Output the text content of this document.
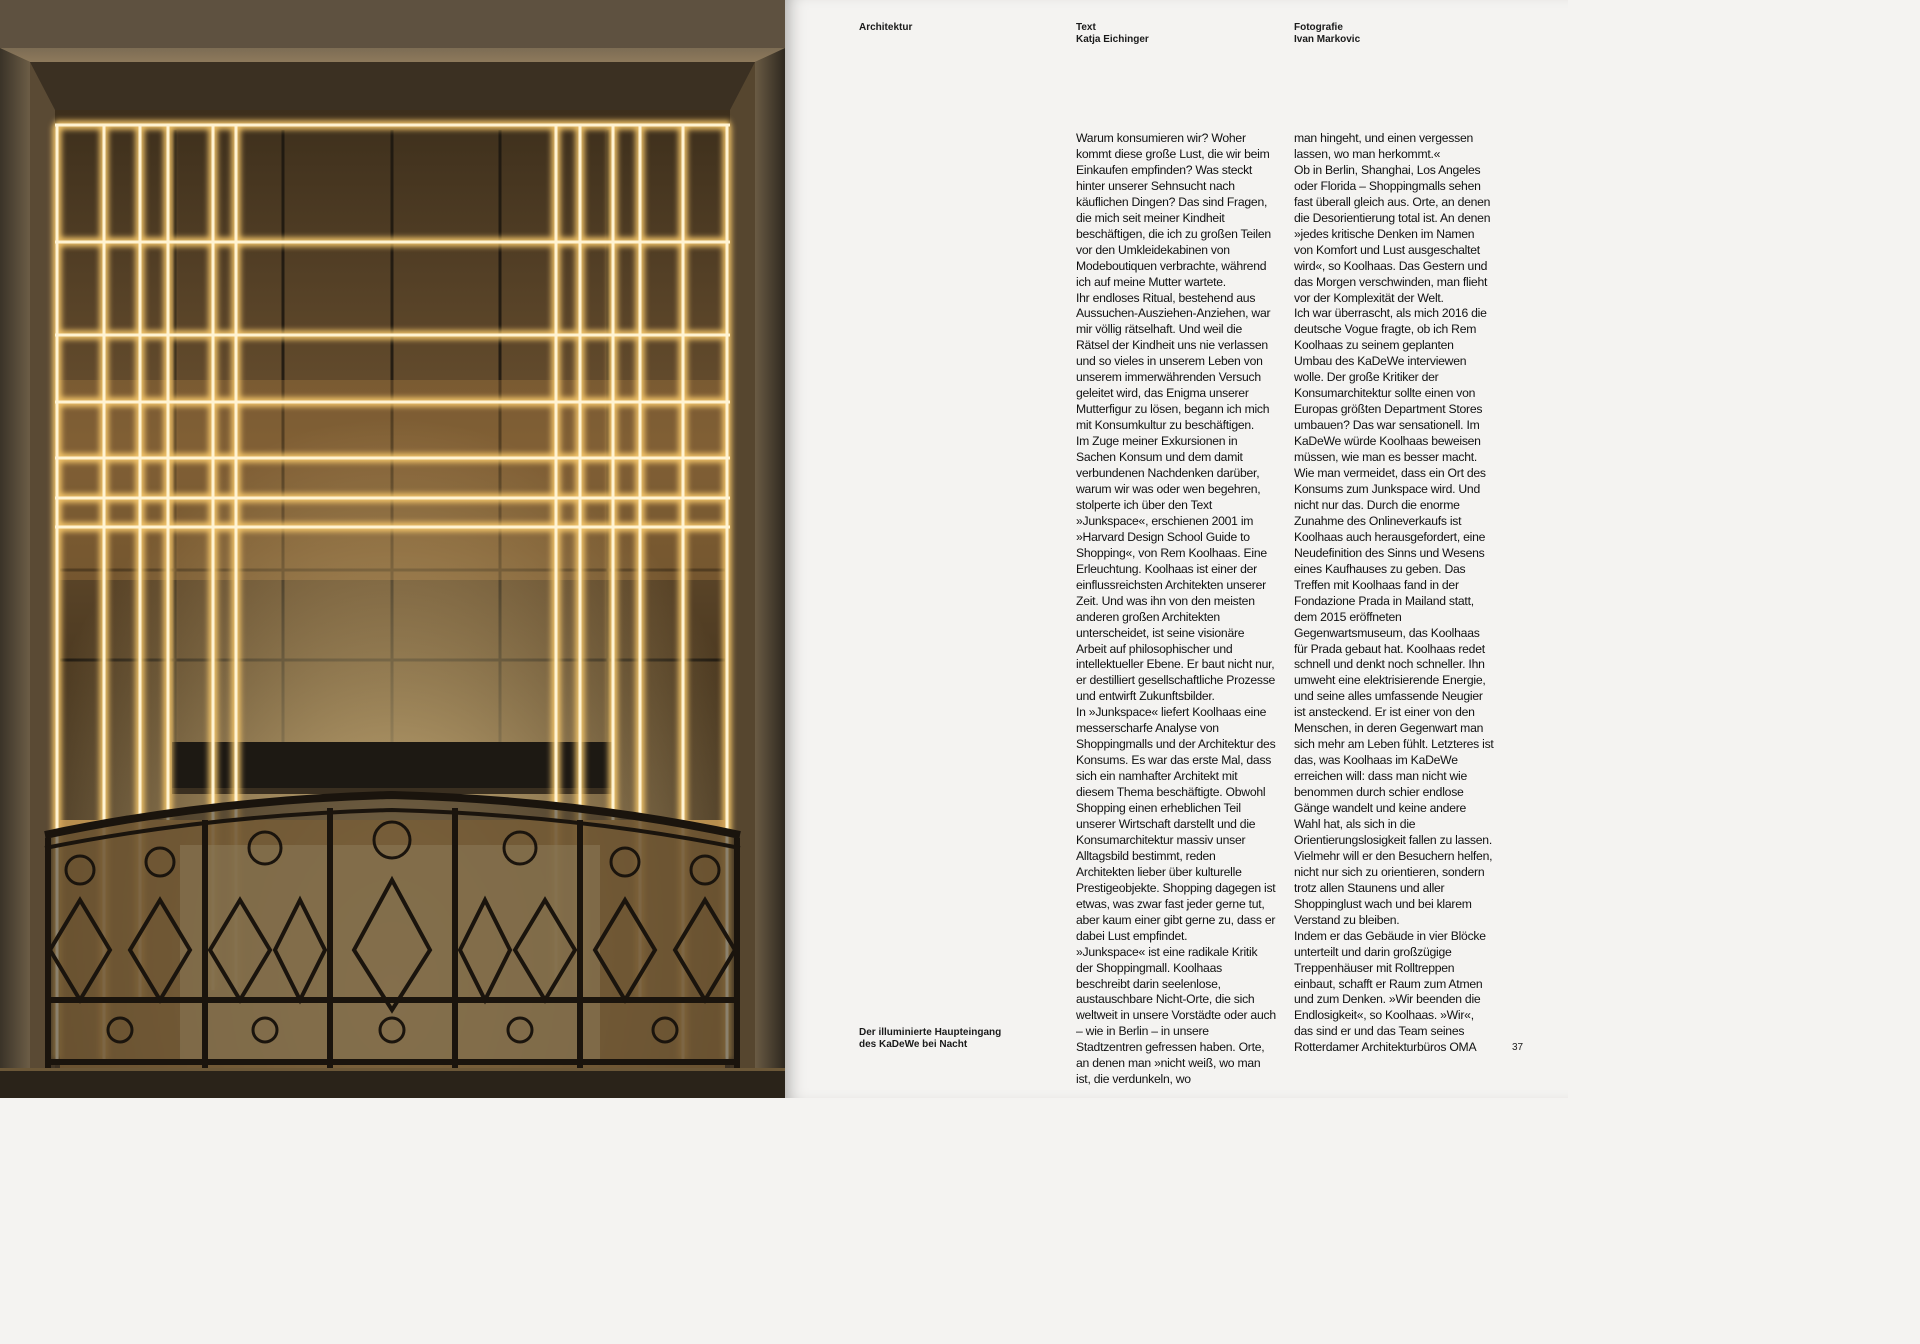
Architektur	Text
Katja Eichinger
Fotografie
Ivan Markovic

Warum konsumieren wir? Woher kommt diese große Lust, die wir beim Einkaufen empfinden? Was steckt hinter unserer Sehnsucht nach käuflichen Dingen? Das sind Fragen, die mich seit meiner Kindheit beschäftigen, die ich zu großen Teilen vor den Umkleidekabinen von Modeboutiquen verbrachte, während ich auf meine Mutter wartete.

Ihr endloses Ritual, bestehend aus Aussuchen-Ausziehen-Anziehen, war mir völlig rätselhaft. Und weil die Rätsel der Kindheit uns nie verlassen und so vieles in unserem Leben von unserem immerwährenden Versuch geleitet wird, das Enigma unserer Mutterfigur zu lösen, begann ich mich mit Konsumkultur zu beschäftigen.

Im Zuge meiner Exkursionen in Sachen Konsum und dem damit verbundenen Nachdenken darüber, warum wir was oder wen begehren, stolperte ich über den Text »Junkspace«, erschienen 2001 im »Harvard Design School Guide to Shopping«, von Rem Koolhaas. Eine Erleuchtung. Koolhaas ist einer der einflussreichsten Architekten unserer Zeit. Und was ihn von den meisten anderen großen Architekten unterscheidet, ist seine visionäre Arbeit auf philosophischer und intellektueller Ebene. Er baut nicht nur, er destilliert gesellschaftliche Prozesse und entwirft Zukunftsbilder.

In »Junkspace« liefert Koolhaas eine messerscharfe Analyse von Shoppingmalls und der Architektur des Konsums. Es war das erste Mal, dass sich ein namhafter Architekt mit diesem Thema beschäftigte. Obwohl Shopping einen erheblichen Teil unserer Wirtschaft darstellt und die Konsumarchitektur massiv unser Alltagsbild bestimmt, reden Architekten lieber über kulturelle Prestigeobjekte. Shopping dagegen ist etwas, was zwar fast jeder gerne tut, aber kaum einer gibt gerne zu, dass er dabei Lust empfindet.

»Junkspace« ist eine radikale Kritik der Shoppingmall. Koolhaas beschreibt darin seelenlose, austauschbare Nicht-Orte, die sich weltweit in unsere Vorstädte oder auch – wie in Berlin – in unsere Stadtzentren gefressen haben. Orte, an denen man »nicht weiß, wo man ist, die verdunkeln, wo

man hingeht, und einen vergessen lassen, wo man herkommt.«

Ob in Berlin, Shanghai, Los Angeles oder Florida – Shoppingmalls sehen fast überall gleich aus. Orte, an denen die Desorientierung total ist. An denen »jedes kritische Denken im Namen von Komfort und Lust ausgeschaltet wird«, so Koolhaas. Das Gestern und das Morgen verschwinden, man flieht vor der Komplexität der Welt.

Ich war überrascht, als mich 2016 die deutsche Vogue fragte, ob ich Rem Koolhaas zu seinem geplanten Umbau des KaDeWe interviewen wolle. Der große Kritiker der Konsumarchitektur sollte einen von Europas größten Department Stores umbauen? Das war sensationell. Im KaDeWe würde Koolhaas beweisen müssen, wie man es besser macht. Wie man vermeidet, dass ein Ort des Konsums zum Junkspace wird. Und nicht nur das. Durch die enorme Zunahme des Onlineverkaufs ist Koolhaas auch herausgefordert, eine Neudefinition des Sinns und Wesens eines Kaufhauses zu geben. Das Treffen mit Koolhaas fand in der Fondazione Prada in Mailand statt, dem 2015 eröffneten Gegenwartsmuseum, das Koolhaas für Prada gebaut hat. Koolhaas redet schnell und denkt noch schneller. Ihn umweht eine elektrisierende Energie, und seine alles umfassende Neugier ist ansteckend. Er ist einer von den Menschen, in deren Gegenwart man sich mehr am Leben fühlt. Letzteres ist das, was Koolhaas im KaDeWe erreichen will: dass man nicht wie benommen durch schier endlose Gänge wandelt und keine andere Wahl hat, als sich in die Orientierungslosigkeit fallen zu lassen. Vielmehr will er den Besuchern helfen, nicht nur sich zu orientieren, sondern trotz allen Staunens und aller Shoppinglust wach und bei klarem Verstand zu bleiben.

Indem er das Gebäude in vier Blöcke unterteilt und darin großzügige Treppenhäuser mit Rolltreppen einbaut, schafft er Raum zum Atmen und zum Denken. »Wir beenden die Endlosigkeit«, so Koolhaas. »Wir«, das sind er und das Team seines Rotterdamer Architekturbüros OMA

Der illuminierte Haupteingang
des KaDeWe bei Nacht	37
